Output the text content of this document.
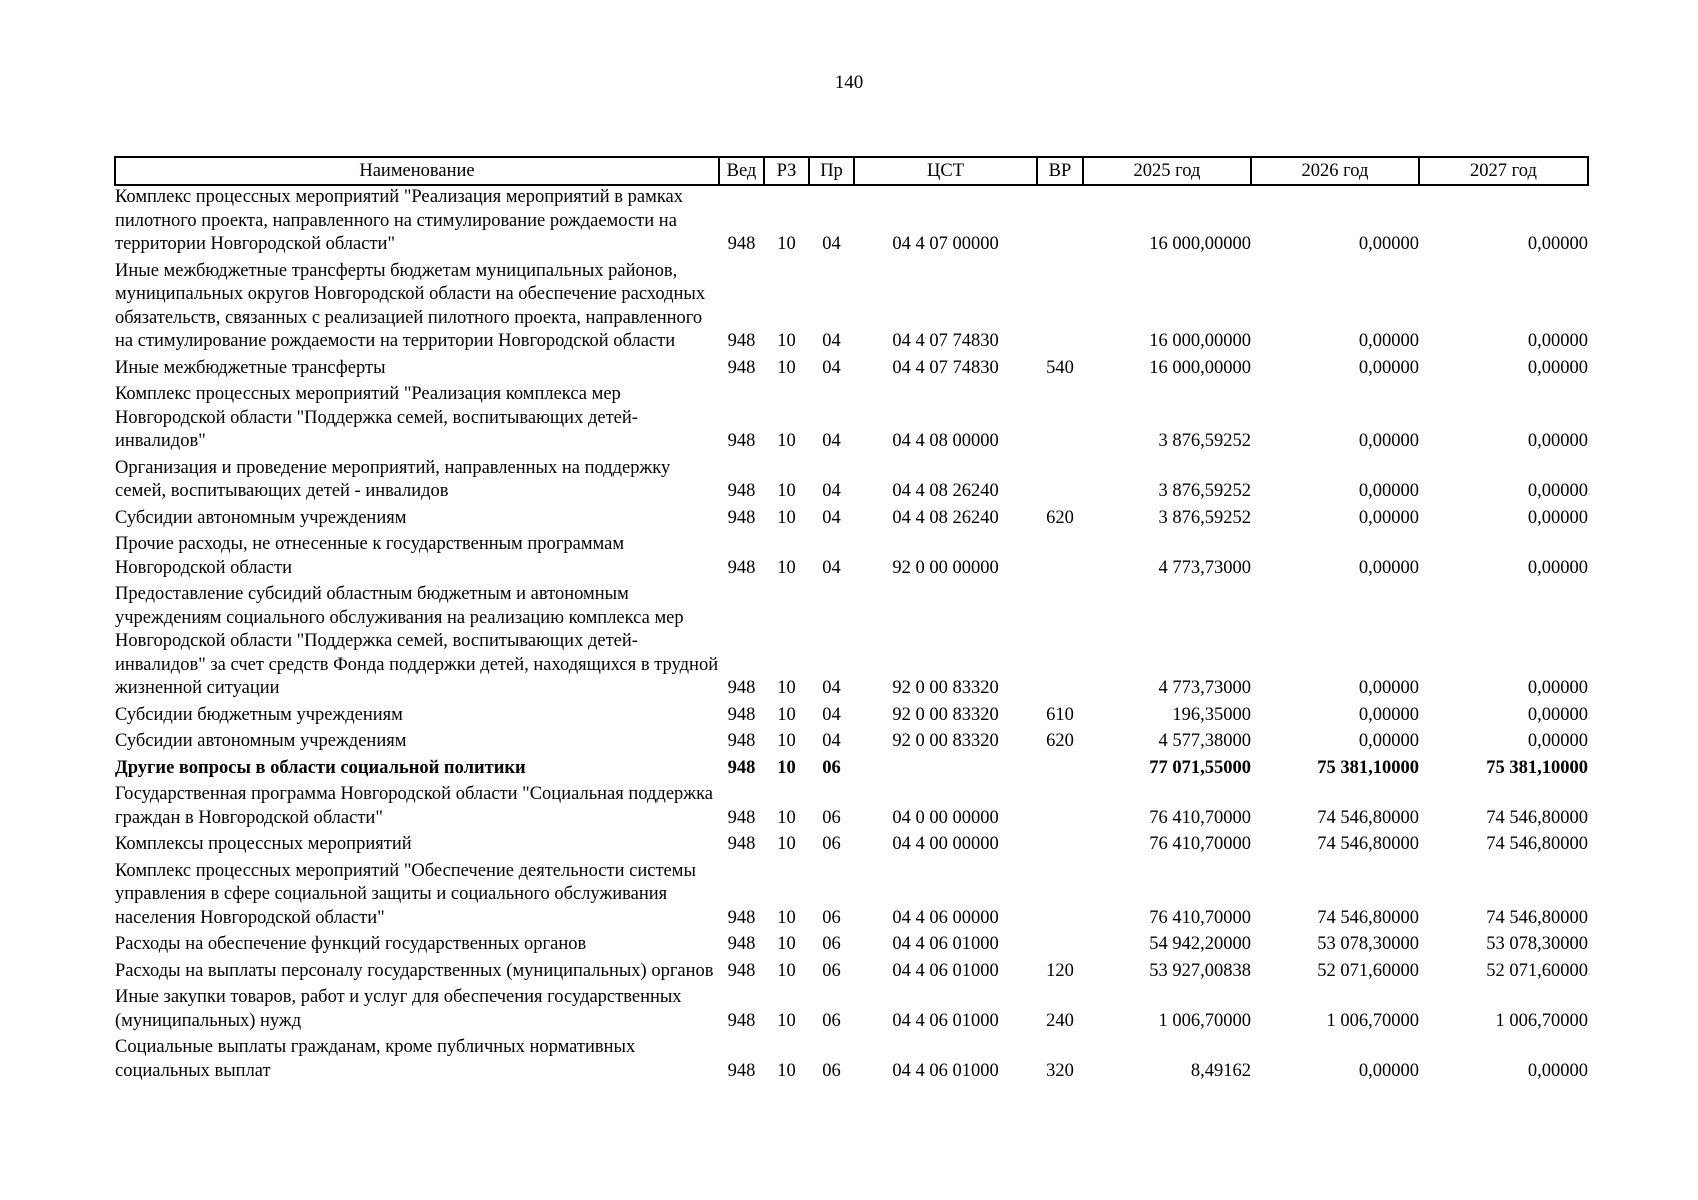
140
Наименование	Вед	РЗ	Пр	ЦСТ	ВР	2025 год	2026 год	2027 год
Комплекс процессных мероприятий "Реализация мероприятий в рамках пилотного проекта, направленного на стимулирование рождаемости на территории Новгородской области"	948	10	04	04 4 07 00000		16 000,00000	0,00000	0,00000
Иные межбюджетные трансферты бюджетам муниципальных районов, муниципальных округов Новгородской области на обеспечение расходных обязательств, связанных с реализацией пилотного проекта, направленного на стимулирование рождаемости на территории Новгородской области	948	10	04	04 4 07 74830		16 000,00000	0,00000	0,00000
Иные межбюджетные трансферты	948	10	04	04 4 07 74830	540	16 000,00000	0,00000	0,00000
Комплекс процессных мероприятий "Реализация комплекса мер Новгородской области "Поддержка семей, воспитывающих детей-инвалидов"	948	10	04	04 4 08 00000		3 876,59252	0,00000	0,00000
Организация и проведение мероприятий, направленных на поддержку семей, воспитывающих детей - инвалидов	948	10	04	04 4 08 26240		3 876,59252	0,00000	0,00000
Субсидии автономным учреждениям	948	10	04	04 4 08 26240	620	3 876,59252	0,00000	0,00000
Прочие расходы, не отнесенные к государственным программам Новгородской области	948	10	04	92 0 00 00000		4 773,73000	0,00000	0,00000
Предоставление субсидий областным бюджетным и автономным учреждениям социального обслуживания на реализацию комплекса мер Новгородской области "Поддержка семей, воспитывающих детей-инвалидов" за счет средств Фонда поддержки детей, находящихся в трудной жизненной ситуации	948	10	04	92 0 00 83320		4 773,73000	0,00000	0,00000
Субсидии бюджетным учреждениям	948	10	04	92 0 00 83320	610	196,35000	0,00000	0,00000
Субсидии автономным учреждениям	948	10	04	92 0 00 83320	620	4 577,38000	0,00000	0,00000
Другие вопросы в области социальной политики	948	10	06			77 071,55000	75 381,10000	75 381,10000
Государственная программа Новгородской области "Социальная поддержка граждан в Новгородской области"	948	10	06	04 0 00 00000		76 410,70000	74 546,80000	74 546,80000
Комплексы процессных мероприятий	948	10	06	04 4 00 00000		76 410,70000	74 546,80000	74 546,80000
Комплекс процессных мероприятий "Обеспечение деятельности системы управления в сфере социальной защиты и социального обслуживания населения Новгородской области"	948	10	06	04 4 06 00000		76 410,70000	74 546,80000	74 546,80000
Расходы на обеспечение функций государственных органов	948	10	06	04 4 06 01000		54 942,20000	53 078,30000	53 078,30000
Расходы на выплаты персоналу государственных (муниципальных) органов	948	10	06	04 4 06 01000	120	53 927,00838	52 071,60000	52 071,60000
Иные закупки товаров, работ и услуг для обеспечения государственных (муниципальных) нужд	948	10	06	04 4 06 01000	240	1 006,70000	1 006,70000	1 006,70000
Социальные выплаты гражданам, кроме публичных нормативных социальных выплат	948	10	06	04 4 06 01000	320	8,49162	0,00000	0,00000
